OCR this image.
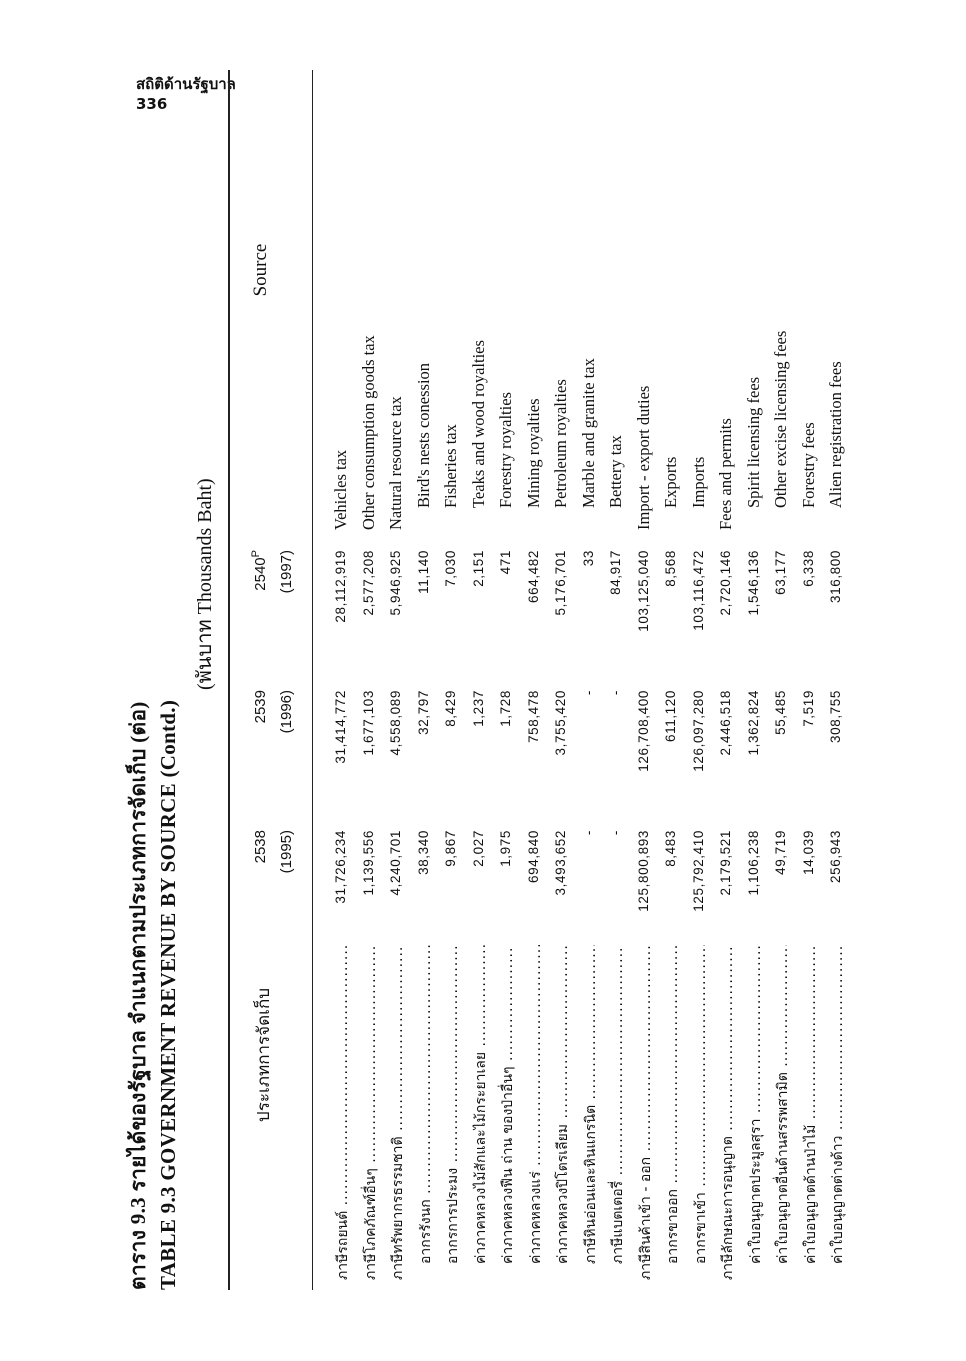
สถิติด้านรัฐบาล
336
ตาราง 9.3 รายได้ของรัฐบาล จำแนกตามประเภทการจัดเก็บ (ต่อ) TABLE 9.3 GOVERNMENT REVENUE BY SOURCE (Contd.)
(พันบาท Thousands Baht)
ประเภทการจัดเก็บ
2538 (1995)
2539 (1996)
$2540^P$	(1997)
Source
ภาษีรถยนต์ .....
31,726,234
31,414,772
28,112,919
Vehicles tax
ภาษีโภคภัณฑ์อื่นๆ .....
1,139,556
1,677,103
2,577,208
Other consumption goods tax
ภาษีทรัพยากรธรรมชาติ .....
4,240,701
4,558,089
5,946,925
Natural resource tax
อากรรังนก .....
38,340
32,797
11,140
Bird's nests conession
อากรการประมง .....
9,867
8,429
7,030
Fisheries tax
ค่าภาคหลวงไม้สักและไม้กระยาเลย .....
2,027
1,237
2,151
Teaks and wood royalties
ค่าภาคหลวงฟืน ถ่าน ของป่าอื่นๆ .....
1,975
1,728
471
Forestry royalties
ค่าภาคหลวงแร่ .....
694,840
758,478
664,482
Mining royalties
ค่าภาคหลวงปิโตรเลียม .....
3,493,652
3,755,420
5,176,701
Petroleum royalties
ภาษีหินอ่อนและหินแกรนิต .....
-
-
33
Marble and granite tax
ภาษีแบตเตอรี่ .....
-
-
84,917
Bettery tax
ภาษีสินค้าเข้า - ออก .....
125,800,893
126,708,400
103,125,040
Import - export duties
อากรขาออก .....
8,483
611,120
8,568
Exports
อากรขาเข้า .....
125,792,410
126,097,280
103,116,472
Imports
ภาษีลักษณะการอนุญาต .....
2,179,521
2,446,518
2,720,146
Fees and permits
ค่าใบอนุญาตประมูลสุรา .....
1,106,238
1,362,824
1,546,136
Spirit licensing fees
ค่าใบอนุญาตอื่นด้านสรรพสามิต .....
49,719
55,485
63,177
Other excise licensing fees
ค่าใบอนุญาตด้านป่าไม้ .....
14,039
7,519
6,338
Forestry fees
ค่าใบอนุญาตต่างด้าว .....
256,943
308,755
316,800
Alien registration fees
